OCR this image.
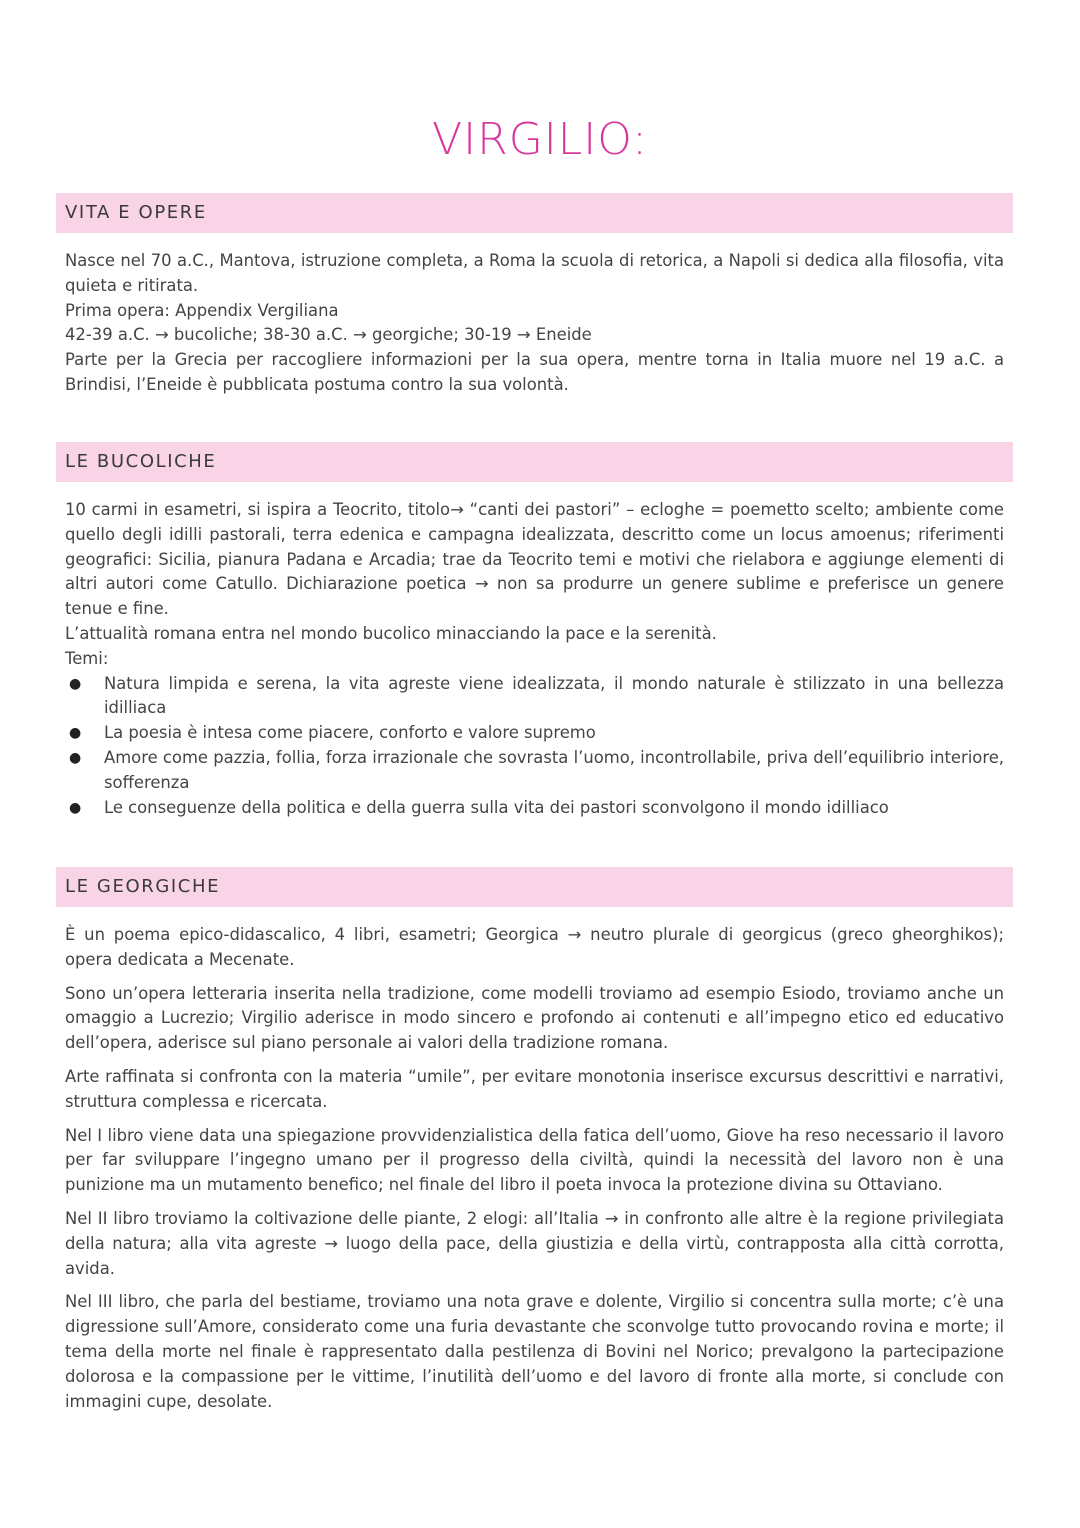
VIRGILIO:
VITA E OPERE

Nasce nel 70 a.C., Mantova, istruzione completa, a Roma la scuola di retorica, a Napoli si dedica alla filosofia, vita quieta e ritirata.

Prima opera: Appendix Vergiliana

42-39 a.C. → bucoliche; 38-30 a.C. → georgiche; 30-19 → Eneide

Parte per la Grecia per raccogliere informazioni per la sua opera, mentre torna in Italia muore nel 19 a.C. a Brindisi, l’Eneide è pubblicata postuma contro la sua volontà.

LE BUCOLICHE

10 carmi in esametri, si ispira a Teocrito, titolo→ “canti dei pastori” – ecloghe = poemetto scelto; ambiente come quello degli idilli pastorali, terra edenica e campagna idealizzata, descritto come un locus amoenus; riferimenti geografici: Sicilia, pianura Padana e Arcadia; trae da Teocrito temi e motivi che rielabora e aggiunge elementi di altri autori come Catullo. Dichiarazione poetica → non sa produrre un genere sublime e preferisce un genere tenue e fine.

L’attualità romana entra nel mondo bucolico minacciando la pace e la serenità.

Temi:

● Natura limpida e serena, la vita agreste viene idealizzata, il mondo naturale è stilizzato in una bellezza idilliaca
● La poesia è intesa come piacere, conforto e valore supremo
● Amore come pazzia, follia, forza irrazionale che sovrasta l’uomo, incontrollabile, priva dell’equilibrio interiore, sofferenza
● Le conseguenze della politica e della guerra sulla vita dei pastori sconvolgono il mondo idilliaco
LE GEORGICHE

È un poema epico-didascalico, 4 libri, esametri; Georgica → neutro plurale di georgicus (greco gheorghikos); opera dedicata a Mecenate.

Sono un’opera letteraria inserita nella tradizione, come modelli troviamo ad esempio Esiodo, troviamo anche un omaggio a Lucrezio; Virgilio aderisce in modo sincero e profondo ai contenuti e all’impegno etico ed educativo dell’opera, aderisce sul piano personale ai valori della tradizione romana.

Arte raffinata si confronta con la materia “umile”, per evitare monotonia inserisce excursus descrittivi e narrativi, struttura complessa e ricercata.

Nel I libro viene data una spiegazione provvidenzialistica della fatica dell’uomo, Giove ha reso necessario il lavoro per far sviluppare l’ingegno umano per il progresso della civiltà, quindi la necessità del lavoro non è una punizione ma un mutamento benefico; nel finale del libro il poeta invoca la protezione divina su Ottaviano.

Nel II libro troviamo la coltivazione delle piante, 2 elogi: all’Italia → in confronto alle altre è la regione privilegiata della natura; alla vita agreste → luogo della pace, della giustizia e della virtù, contrapposta alla città corrotta, avida.

Nel III libro, che parla del bestiame, troviamo una nota grave e dolente, Virgilio si concentra sulla morte; c’è una digressione sull’Amore, considerato come una furia devastante che sconvolge tutto provocando rovina e morte; il tema della morte nel finale è rappresentato dalla pestilenza di Bovini nel Norico; prevalgono la partecipazione dolorosa e la compassione per le vittime, l’inutilità dell’uomo e del lavoro di fronte alla morte, si conclude con immagini cupe, desolate.
